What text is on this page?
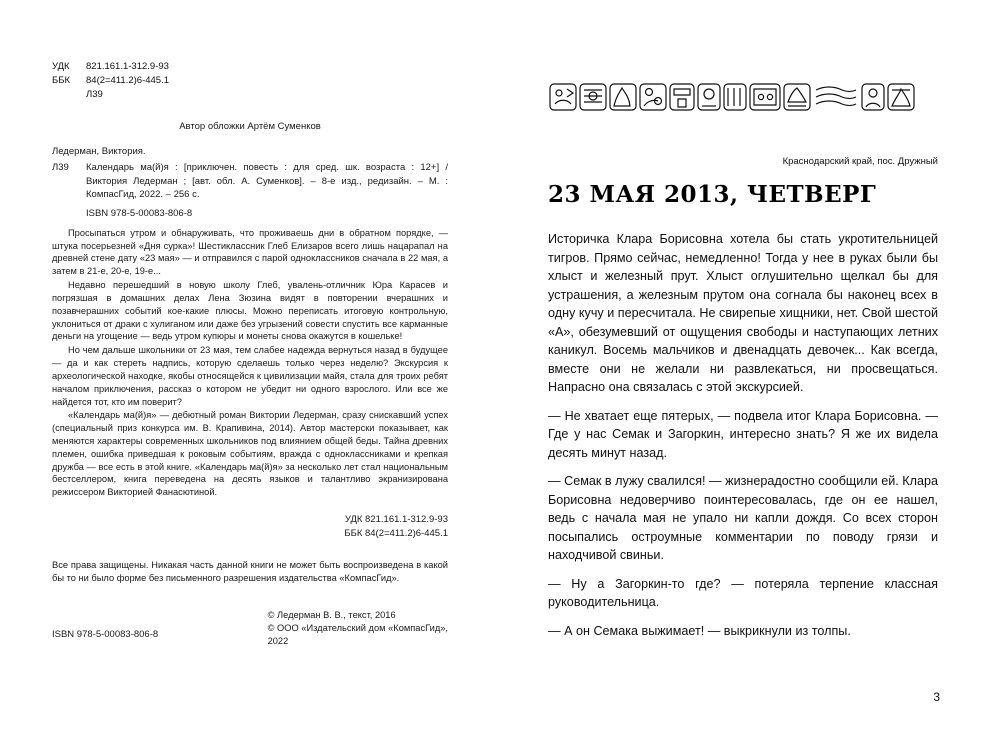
УДК	821.161.1-312.9-93
ББК	84(2=411.2)6-445.1
Л39
Автор обложки Артём Суменков
Ледерман, Виктория.
Л39	Календарь ма(й)я : [приключен. повесть : для сред. шк. возраста : 12+] / Виктория Ледерман ; [авт. обл. А. Суменков]. – 8-е изд., редизайн. – М. : КомпасГид, 2022. – 256 с.
ISBN 978-5-00083-806-8

Просыпаться утром и обнаруживать, что проживаешь дни в обратном порядке, — штука посерьезней «Дня сурка»! Шестиклассник Глеб Елизаров всего лишь нацарапал на древней стене дату «23 мая» — и отправился с парой одноклассников сначала в 22 мая, а затем в 21-е, 20-е, 19-е...

Недавно перешедший в новую школу Глеб, увалень-отличник Юра Карасев и погрязшая в домашних делах Лена Зюзина видят в повторении вчерашних и позавчерашних событий кое-какие плюсы. Можно переписать итоговую контрольную, уклониться от драки с хулиганом или даже без угрызений совести спустить все карманные деньги на угощение — ведь утром купюры и монеты снова окажутся в кошельке!

Но чем дальше школьники от 23 мая, тем слабее надежда вернуться назад в будущее — да и как стереть надпись, которую сделаешь только через неделю? Экскурсия к археологической находке, якобы относящейся к цивилизации майя, стала для троих ребят началом приключения, рассказ о котором не убедит ни одного взрослого. Или все же найдется тот, кто им поверит?

«Календарь ма(й)я» — дебютный роман Виктории Ледерман, сразу снискавший успех (специальный приз конкурса им. В. Крапивина, 2014). Автор мастерски показывает, как меняются характеры современных школьников под влиянием общей беды. Тайна древних племен, ошибка приведшая к роковым событиям, вражда с одноклассниками и крепкая дружба — все есть в этой книге. «Календарь ма(й)я» за несколько лет стал национальным бестселлером, книга переведена на десять языков и талантливо экранизирована режиссером Викторией Фанасютиной.

УДК 821.161.1-312.9-93
ББК 84(2=411.2)6-445.1
Все права защищены. Никакая часть данной книги не может быть воспроизведена в какой бы то ни было форме без письменного разрешения издательства «КомпасГид».
ISBN 978-5-00083-806-8
© Ледерман В. В., текст, 2016
© ООО «Издательский дом «КомпасГид»,
2022
Краснодарский край, пос. Дружный
23 МАЯ 2013, ЧЕТВЕРГ

Историчка Клара Борисовна хотела бы стать укротительницей тигров. Прямо сейчас, немедленно! Тогда у нее в руках были бы хлыст и железный прут. Хлыст оглушительно щелкал бы для устрашения, а железным прутом она согнала бы наконец всех в одну кучу и пересчитала. Не свирепые хищники, нет. Свой шестой «А», обезумевший от ощущения свободы и наступающих летних каникул. Восемь мальчиков и двенадцать девочек... Как всегда, вместе они не желали ни развлекаться, ни просвещаться. Напрасно она связалась с этой экскурсией.

— Не хватает еще пятерых, — подвела итог Клара Борисовна. — Где у нас Семак и Загоркин, интересно знать? Я же их видела десять минут назад.

— Семак в лужу свалился! — жизнерадостно сообщили ей. Клара Борисовна недоверчиво поинтересовалась, где он ее нашел, ведь с начала мая не упало ни капли дождя. Со всех сторон посыпались остроумные комментарии по поводу грязи и находчивой свиньи.

— Ну а Загоркин-то где? — потеряла терпение классная руководительница.

— А он Семака выжимает! — выкрикнули из толпы.

3
